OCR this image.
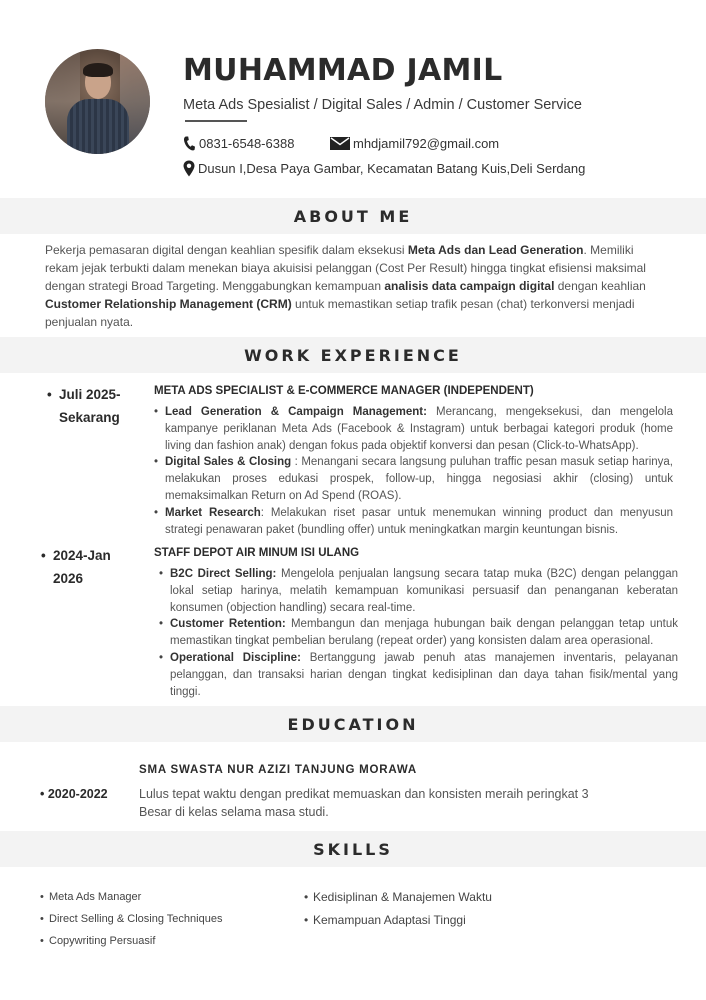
MUHAMMAD JAMIL
Meta Ads Spesialist / Digital Sales / Admin / Customer Service
0831-6548-6388	mhdjamil792@gmail.com
Dusun I,Desa Paya Gambar, Kecamatan Batang Kuis,Deli Serdang
ABOUT ME
Pekerja pemasaran digital dengan keahlian spesifik dalam eksekusi Meta Ads dan Lead Generation. Memiliki rekam jejak terbukti dalam menekan biaya akuisisi pelanggan (Cost Per Result) hingga tingkat efisiensi maksimal dengan strategi Broad Targeting. Menggabungkan kemampuan analisis data campaign digital dengan keahlian Customer Relationship Management (CRM) untuk memastikan setiap trafik pesan (chat) terkonversi menjadi penjualan nyata.
WORK EXPERIENCE
• Juli 2025-
Sekarang
META ADS SPECIALIST & E-COMMERCE MANAGER (INDEPENDENT)
• Lead Generation & Campaign Management: Merancang, mengeksekusi, dan mengelola kampanye periklanan Meta Ads (Facebook & Instagram) untuk berbagai kategori produk (home living dan fashion anak) dengan fokus pada objektif konversi dan pesan (Click-to-WhatsApp).
• Digital Sales & Closing : Menangani secara langsung puluhan traffic pesan masuk setiap harinya, melakukan proses edukasi prospek, follow-up, hingga negosiasi akhir (closing) untuk memaksimalkan Return on Ad Spend (ROAS).
• Market Research: Melakukan riset pasar untuk menemukan winning product dan menyusun strategi penawaran paket (bundling offer) untuk meningkatkan margin keuntungan bisnis.
• 2024-Jan
2026
STAFF DEPOT AIR MINUM ISI ULANG
• B2C Direct Selling: Mengelola penjualan langsung secara tatap muka (B2C) dengan pelanggan lokal setiap harinya, melatih kemampuan komunikasi persuasif dan penanganan keberatan konsumen (objection handling) secara real-time.
• Customer Retention: Membangun dan menjaga hubungan baik dengan pelanggan tetap untuk memastikan tingkat pembelian berulang (repeat order) yang konsisten dalam area operasional.
• Operational Discipline: Bertanggung jawab penuh atas manajemen inventaris, pelayanan pelanggan, dan transaksi harian dengan tingkat kedisiplinan dan daya tahan fisik/mental yang tinggi.
EDUCATION
• 2020-2022
SMA SWASTA NUR AZIZI TANJUNG MORAWA
Lulus tepat waktu dengan predikat memuaskan dan konsisten meraih peringkat 3 Besar di kelas selama masa studi.
SKILLS
• Meta Ads Manager
• Direct Selling & Closing Techniques
• Copywriting Persuasif
• Kedisiplinan & Manajemen Waktu
• Kemampuan Adaptasi Tinggi
